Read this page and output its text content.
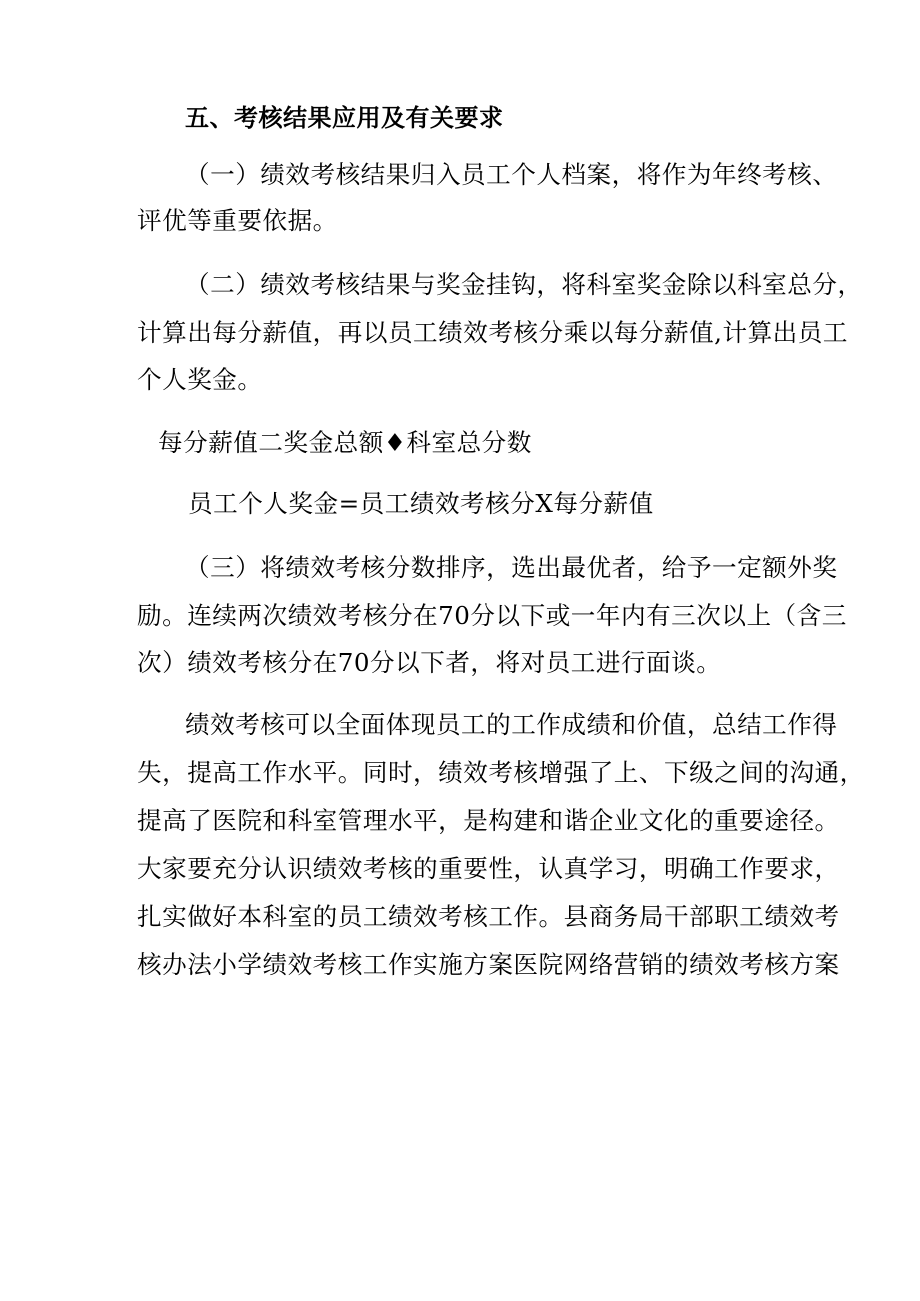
五、考核结果应用及有关要求
（一）绩效考核结果归入员工个人档案，将作为年终考核、
评优等重要依据。
（二）绩效考核结果与奖金挂钩，将科室奖金除以科室总分，
计算出每分薪值，再以员工绩效考核分乘以每分薪值,计算出员工
个人奖金。
每分薪值二奖金总额♦科室总分数
员工个人奖金=员工绩效考核分X每分薪值
（三）将绩效考核分数排序，选出最优者，给予一定额外奖
励。连续两次绩效考核分在70分以下或一年内有三次以上（含三
次）绩效考核分在70分以下者，将对员工进行面谈。
绩效考核可以全面体现员工的工作成绩和价值，总结工作得
失，提高工作水平。同时，绩效考核增强了上、下级之间的沟通，
提高了医院和科室管理水平，是构建和谐企业文化的重要途径。
大家要充分认识绩效考核的重要性，认真学习，明确工作要求，
扎实做好本科室的员工绩效考核工作。县商务局干部职工绩效考
核办法小学绩效考核工作实施方案医院网络营销的绩效考核方案
